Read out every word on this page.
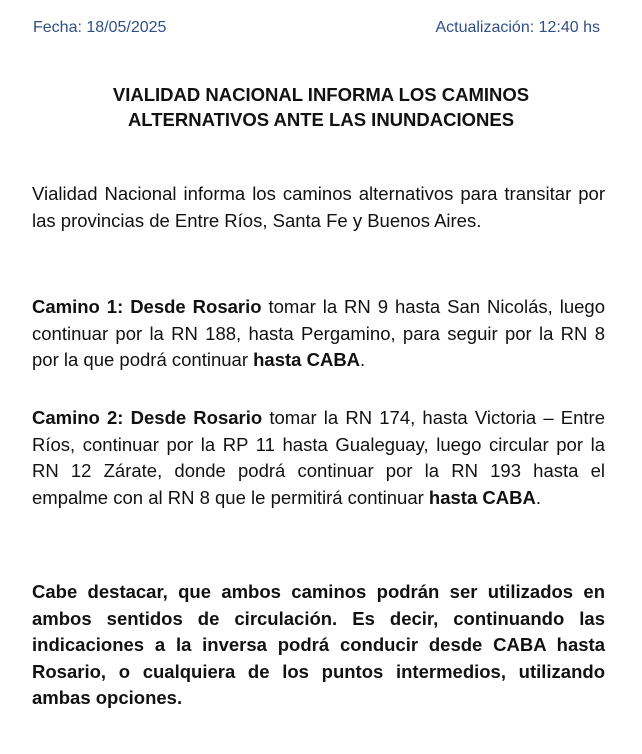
Fecha: 18/05/2025	Actualización: 12:40 hs
VIALIDAD NACIONAL INFORMA LOS CAMINOS
ALTERNATIVOS ANTE LAS INUNDACIONES
Vialidad Nacional informa los caminos alternativos para transitar por las provincias de Entre Ríos, Santa Fe y Buenos Aires.
Camino 1: Desde Rosario tomar la RN 9 hasta San Nicolás, luego continuar por la RN 188, hasta Pergamino, para seguir por la RN 8 por la que podrá continuar hasta CABA.
Camino 2: Desde Rosario tomar la RN 174, hasta Victoria – Entre Ríos, continuar por la RP 11 hasta Gualeguay, luego circular por la RN 12 Zárate, donde podrá continuar por la RN 193 hasta el empalme con al RN 8 que le permitirá continuar hasta CABA.
Cabe destacar, que ambos caminos podrán ser utilizados en ambos sentidos de circulación. Es decir, continuando las indicaciones a la inversa podrá conducir desde CABA hasta Rosario, o cualquiera de los puntos intermedios, utilizando ambas opciones.
